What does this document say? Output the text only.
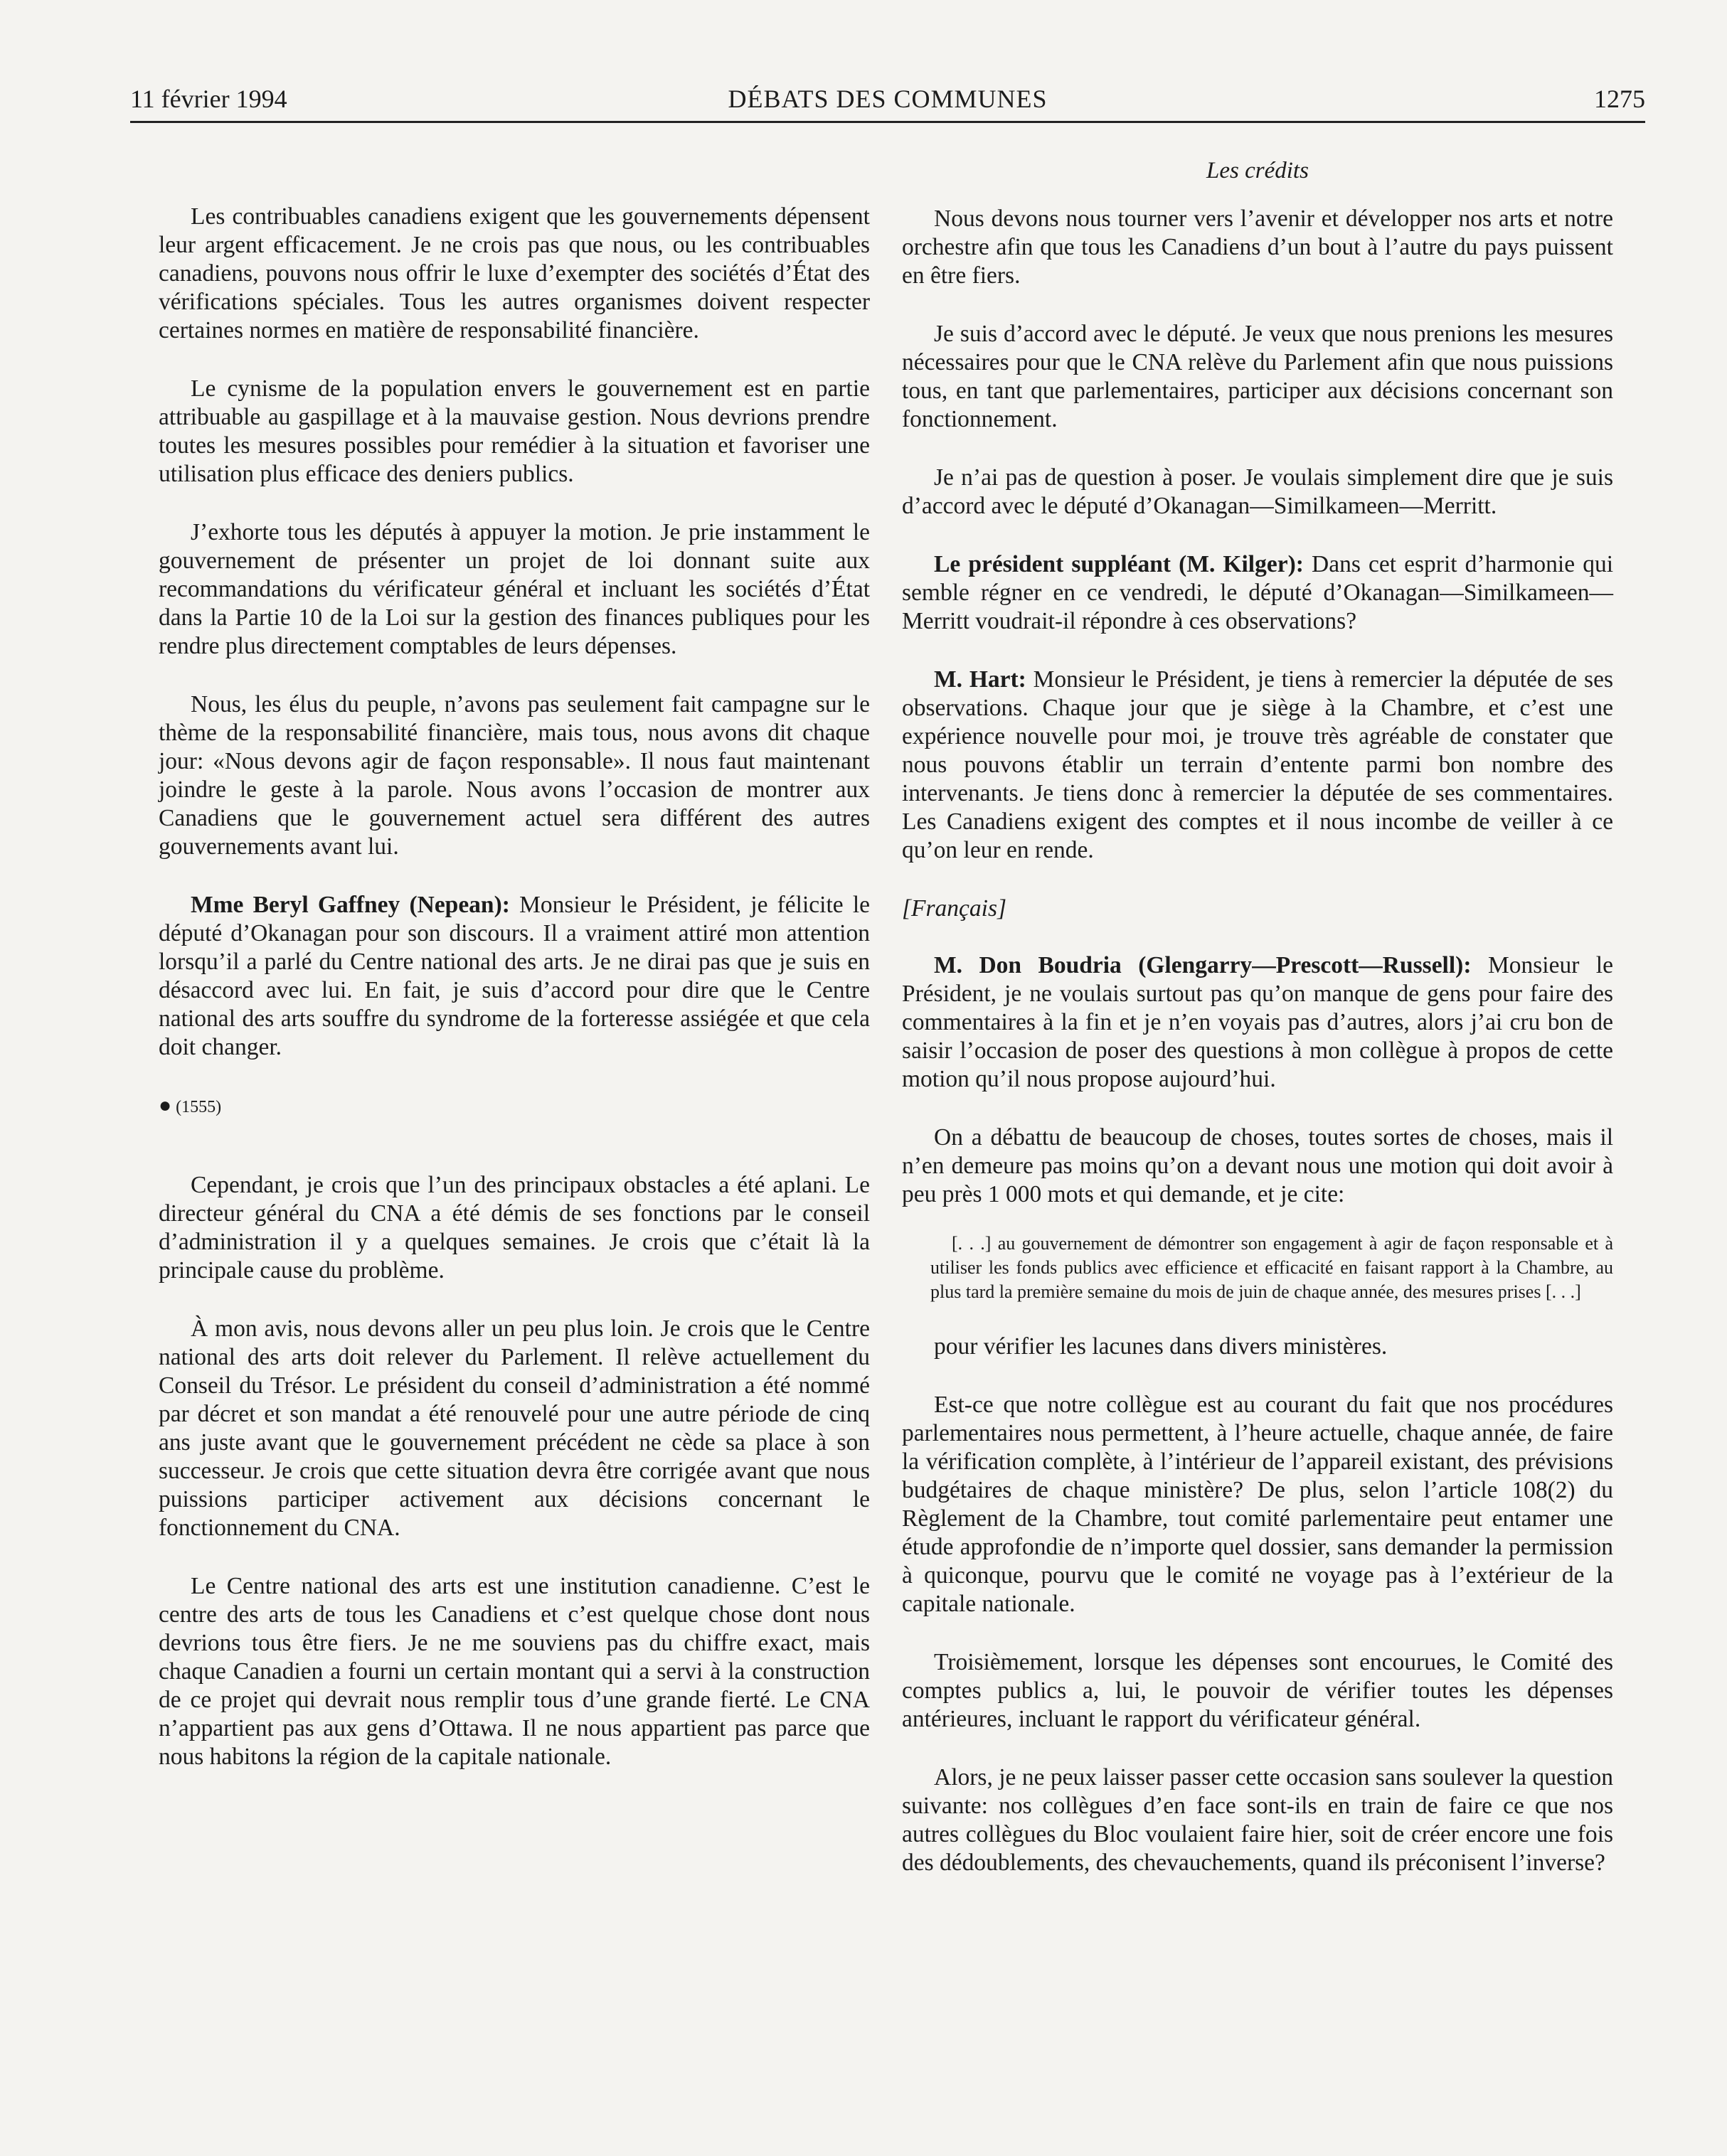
11 février 1994	DÉBATS DES COMMUNES	1275

Les contribuables canadiens exigent que les gouvernements dépensent leur argent efficacement. Je ne crois pas que nous, ou les contribuables canadiens, pouvons nous offrir le luxe d’exempter des sociétés d’État des vérifications spéciales. Tous les autres organismes doivent respecter certaines normes en matière de responsabilité financière.

Le cynisme de la population envers le gouvernement est en partie attribuable au gaspillage et à la mauvaise gestion. Nous devrions prendre toutes les mesures possibles pour remédier à la situation et favoriser une utilisation plus efficace des deniers publics.

J’exhorte tous les députés à appuyer la motion. Je prie instamment le gouvernement de présenter un projet de loi donnant suite aux recommandations du vérificateur général et incluant les sociétés d’État dans la Partie 10 de la Loi sur la gestion des finances publiques pour les rendre plus directement comptables de leurs dépenses.

Nous, les élus du peuple, n’avons pas seulement fait campagne sur le thème de la responsabilité financière, mais tous, nous avons dit chaque jour: «Nous devons agir de façon responsable». Il nous faut maintenant joindre le geste à la parole. Nous avons l’occasion de montrer aux Canadiens que le gouvernement actuel sera différent des autres gouvernements avant lui.

Mme Beryl Gaffney (Nepean): Monsieur le Président, je félicite le député d’Okanagan pour son discours. Il a vraiment attiré mon attention lorsqu’il a parlé du Centre national des arts. Je ne dirai pas que je suis en désaccord avec lui. En fait, je suis d’accord pour dire que le Centre national des arts souffre du syndrome de la forteresse assiégée et que cela doit changer.

● (1555)

Cependant, je crois que l’un des principaux obstacles a été aplani. Le directeur général du CNA a été démis de ses fonctions par le conseil d’administration il y a quelques semaines. Je crois que c’était là la principale cause du problème.

À mon avis, nous devons aller un peu plus loin. Je crois que le Centre national des arts doit relever du Parlement. Il relève actuellement du Conseil du Trésor. Le président du conseil d’administration a été nommé par décret et son mandat a été renouvelé pour une autre période de cinq ans juste avant que le gouvernement précédent ne cède sa place à son successeur. Je crois que cette situation devra être corrigée avant que nous puissions participer activement aux décisions concernant le fonctionnement du CNA.

Le Centre national des arts est une institution canadienne. C’est le centre des arts de tous les Canadiens et c’est quelque chose dont nous devrions tous être fiers. Je ne me souviens pas du chiffre exact, mais chaque Canadien a fourni un certain montant qui a servi à la construction de ce projet qui devrait nous remplir tous d’une grande fierté. Le CNA n’appartient pas aux gens d’Ottawa. Il ne nous appartient pas parce que nous habitons la région de la capitale nationale.

Les crédits

Nous devons nous tourner vers l’avenir et développer nos arts et notre orchestre afin que tous les Canadiens d’un bout à l’autre du pays puissent en être fiers.

Je suis d’accord avec le député. Je veux que nous prenions les mesures nécessaires pour que le CNA relève du Parlement afin que nous puissions tous, en tant que parlementaires, participer aux décisions concernant son fonctionnement.

Je n’ai pas de question à poser. Je voulais simplement dire que je suis d’accord avec le député d’Okanagan—Similkameen—Merritt.

Le président suppléant (M. Kilger): Dans cet esprit d’harmonie qui semble régner en ce vendredi, le député d’Okanagan—Similkameen—Merritt voudrait-il répondre à ces observations?

M. Hart: Monsieur le Président, je tiens à remercier la députée de ses observations. Chaque jour que je siège à la Chambre, et c’est une expérience nouvelle pour moi, je trouve très agréable de constater que nous pouvons établir un terrain d’entente parmi bon nombre des intervenants. Je tiens donc à remercier la députée de ses commentaires. Les Canadiens exigent des comptes et il nous incombe de veiller à ce qu’on leur en rende.

[Français]

M. Don Boudria (Glengarry—Prescott—Russell): Monsieur le Président, je ne voulais surtout pas qu’on manque de gens pour faire des commentaires à la fin et je n’en voyais pas d’autres, alors j’ai cru bon de saisir l’occasion de poser des questions à mon collègue à propos de cette motion qu’il nous propose aujourd’hui.

On a débattu de beaucoup de choses, toutes sortes de choses, mais il n’en demeure pas moins qu’on a devant nous une motion qui doit avoir à peu près 1 000 mots et qui demande, et je cite:

[. . .] au gouvernement de démontrer son engagement à agir de façon responsable et à utiliser les fonds publics avec efficience et efficacité en faisant rapport à la Chambre, au plus tard la première semaine du mois de juin de chaque année, des mesures prises [. . .]

pour vérifier les lacunes dans divers ministères.

Est-ce que notre collègue est au courant du fait que nos procédures parlementaires nous permettent, à l’heure actuelle, chaque année, de faire la vérification complète, à l’intérieur de l’appareil existant, des prévisions budgétaires de chaque ministère? De plus, selon l’article 108(2) du Règlement de la Chambre, tout comité parlementaire peut entamer une étude approfondie de n’importe quel dossier, sans demander la permission à quiconque, pourvu que le comité ne voyage pas à l’extérieur de la capitale nationale.

Troisièmement, lorsque les dépenses sont encourues, le Comité des comptes publics a, lui, le pouvoir de vérifier toutes les dépenses antérieures, incluant le rapport du vérificateur général.

Alors, je ne peux laisser passer cette occasion sans soulever la question suivante: nos collègues d’en face sont-ils en train de faire ce que nos autres collègues du Bloc voulaient faire hier, soit de créer encore une fois des dédoublements, des chevauchements, quand ils préconisent l’inverse?
